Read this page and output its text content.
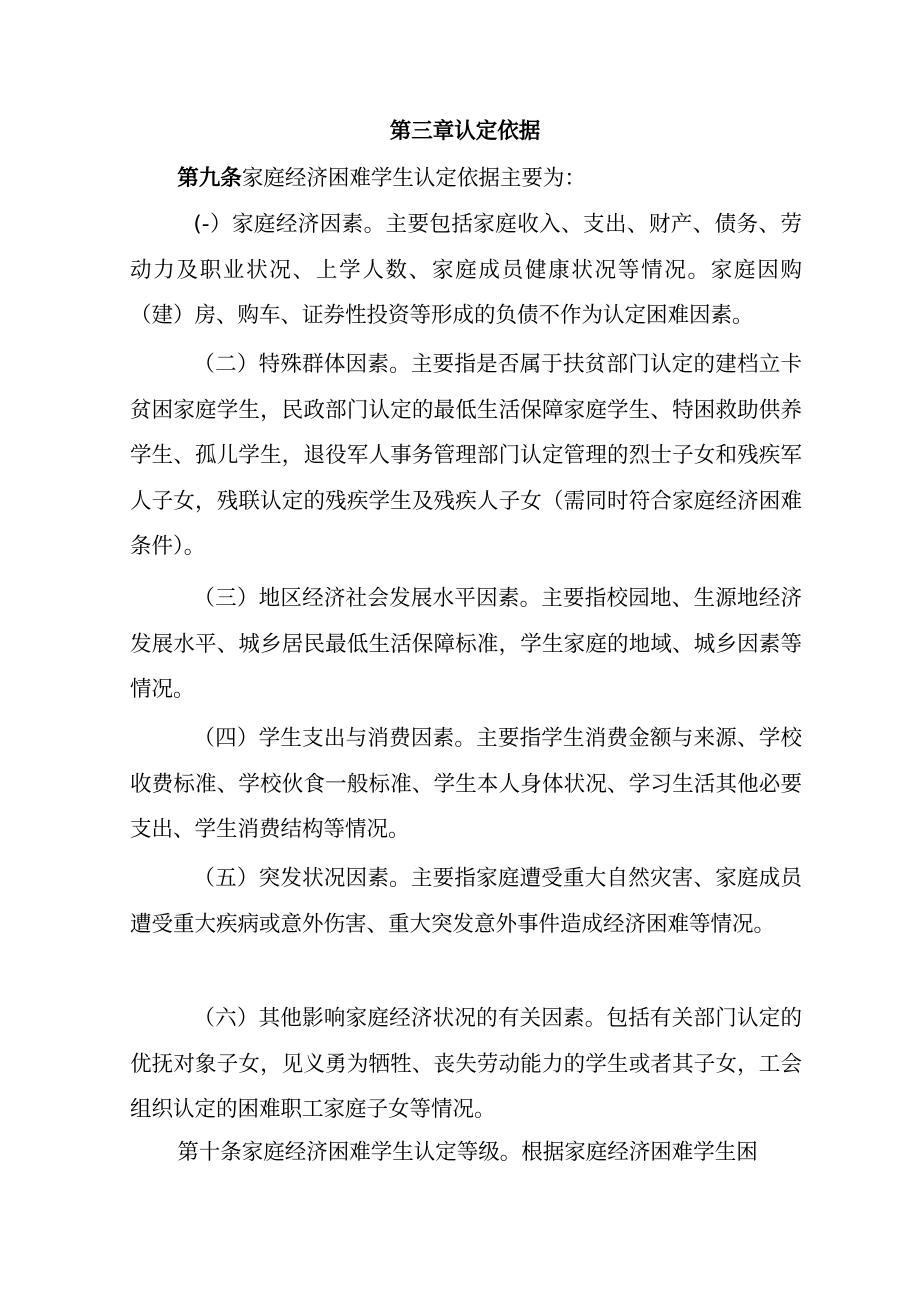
第三章认定依据

第九条家庭经济困难学生认定依据主要为：

(-）家庭经济因素。主要包括家庭收入、支出、财产、债务、劳动力及职业状况、上学人数、家庭成员健康状况等情况。家庭因购（建）房、购车、证券性投资等形成的负债不作为认定困难因素。

（二）特殊群体因素。主要指是否属于扶贫部门认定的建档立卡贫困家庭学生，民政部门认定的最低生活保障家庭学生、特困救助供养学生、孤儿学生，退役军人事务管理部门认定管理的烈士子女和残疾军人子女，残联认定的残疾学生及残疾人子女（需同时符合家庭经济困难条件）。

（三）地区经济社会发展水平因素。主要指校园地、生源地经济发展水平、城乡居民最低生活保障标准，学生家庭的地域、城乡因素等情况。

（四）学生支出与消费因素。主要指学生消费金额与来源、学校收费标准、学校伙食一般标准、学生本人身体状况、学习生活其他必要支出、学生消费结构等情况。

（五）突发状况因素。主要指家庭遭受重大自然灾害、家庭成员遭受重大疾病或意外伤害、重大突发意外事件造成经济困难等情况。

（六）其他影响家庭经济状况的有关因素。包括有关部门认定的优抚对象子女，见义勇为牺牲、丧失劳动能力的学生或者其子女，工会组织认定的困难职工家庭子女等情况。

第十条家庭经济困难学生认定等级。根据家庭经济困难学生困
